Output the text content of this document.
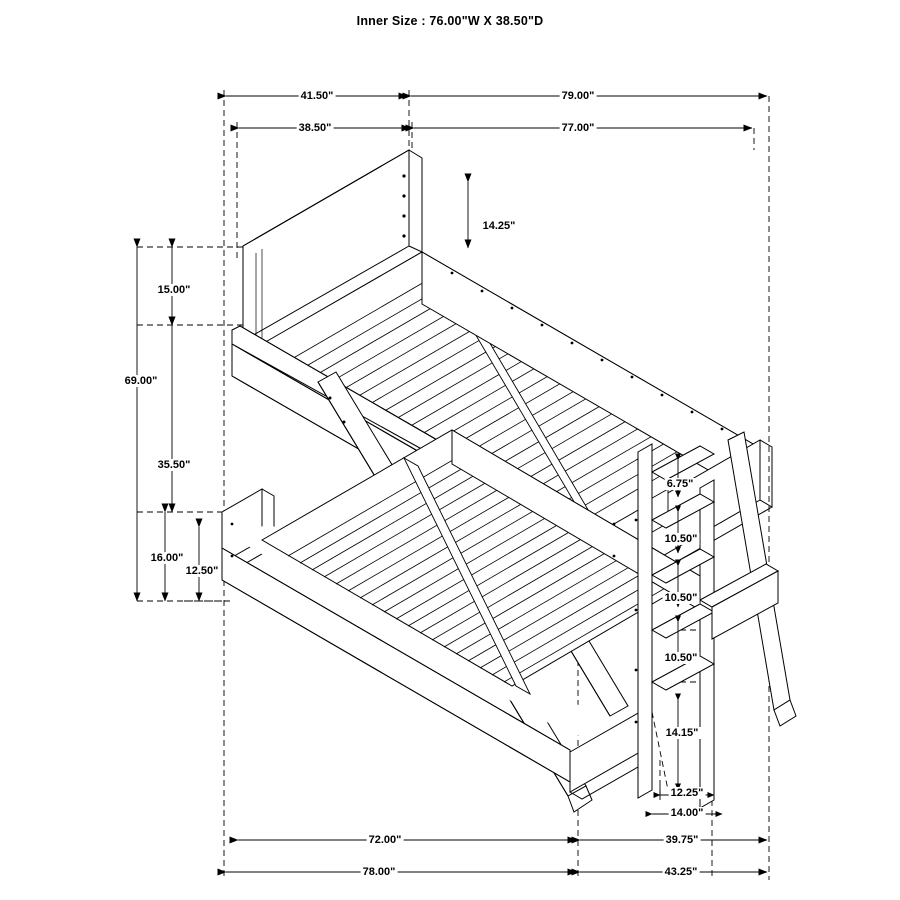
Inner Size : 76.00"W X 38.50"D
41.50"	79.00"
38.50"	77.00"
14.25"
15.00"
69.00"
35.50"
16.00"
12.50"
6.75"
10.50"
10.50"
10.50"
14.15"
12.25"
14.00"
72.00"	39.75"
78.00"	43.25"
